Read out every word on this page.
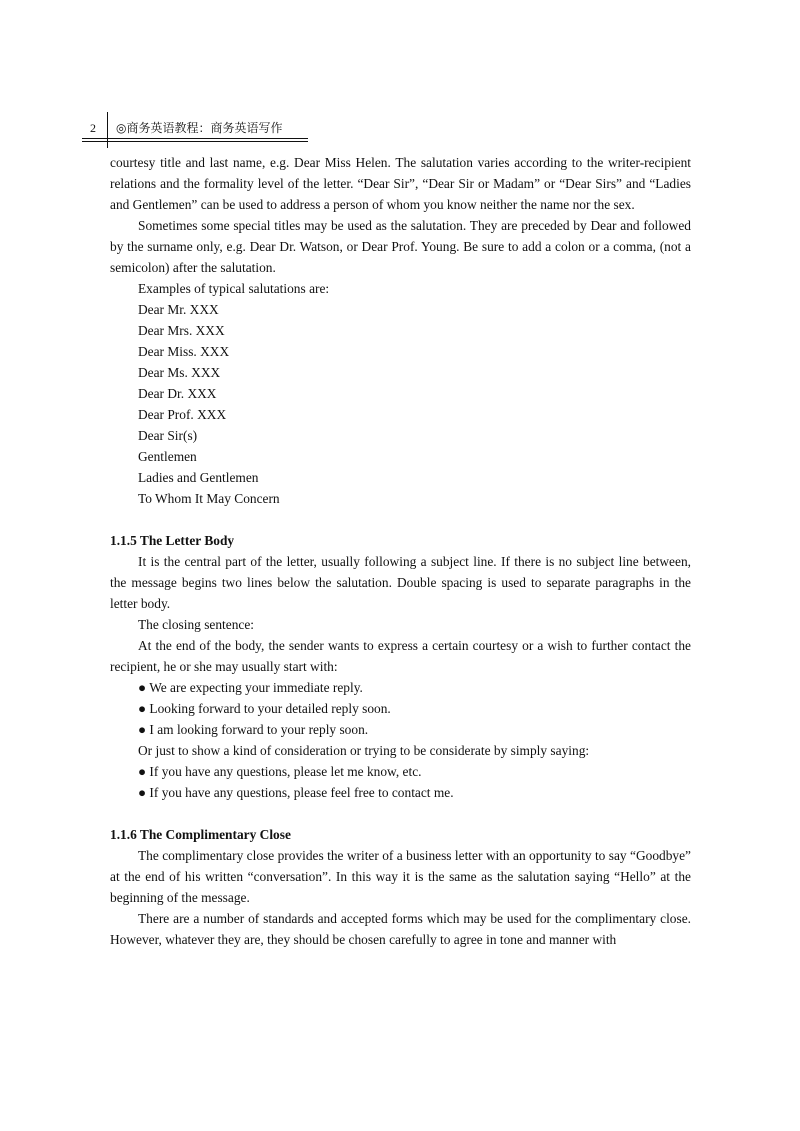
2 ◎商务英语教程：商务英语写作

courtesy title and last name, e.g. Dear Miss Helen. The salutation varies according to the writer-recipient relations and the formality level of the letter. “Dear Sir”, “Dear Sir or Madam” or “Dear Sirs” and “Ladies and Gentlemen” can be used to address a person of whom you know neither the name nor the sex.

Sometimes some special titles may be used as the salutation. They are preceded by Dear and followed by the surname only, e.g. Dear Dr. Watson, or Dear Prof. Young. Be sure to add a colon or a comma, (not a semicolon) after the salutation.

Examples of typical salutations are:

Dear Mr. XXX
Dear Mrs. XXX
Dear Miss. XXX
Dear Ms. XXX
Dear Dr. XXX
Dear Prof. XXX
Dear Sir(s)
Gentlemen
Ladies and Gentlemen
To Whom It May Concern
1.1.5 The Letter Body

It is the central part of the letter, usually following a subject line. If there is no subject line between, the message begins two lines below the salutation. Double spacing is used to separate paragraphs in the letter body.

The closing sentence:

At the end of the body, the sender wants to express a certain courtesy or a wish to further contact the recipient, he or she may usually start with:

● We are expecting your immediate reply.
● Looking forward to your detailed reply soon.
● I am looking forward to your reply soon.

Or just to show a kind of consideration or trying to be considerate by simply saying:

● If you have any questions, please let me know, etc.
● If you have any questions, please feel free to contact me.
1.1.6 The Complimentary Close

The complimentary close provides the writer of a business letter with an opportunity to say “Goodbye” at the end of his written “conversation”. In this way it is the same as the salutation saying “Hello” at the beginning of the message.

There are a number of standards and accepted forms which may be used for the complimentary close. However, whatever they are, they should be chosen carefully to agree in tone and manner with
